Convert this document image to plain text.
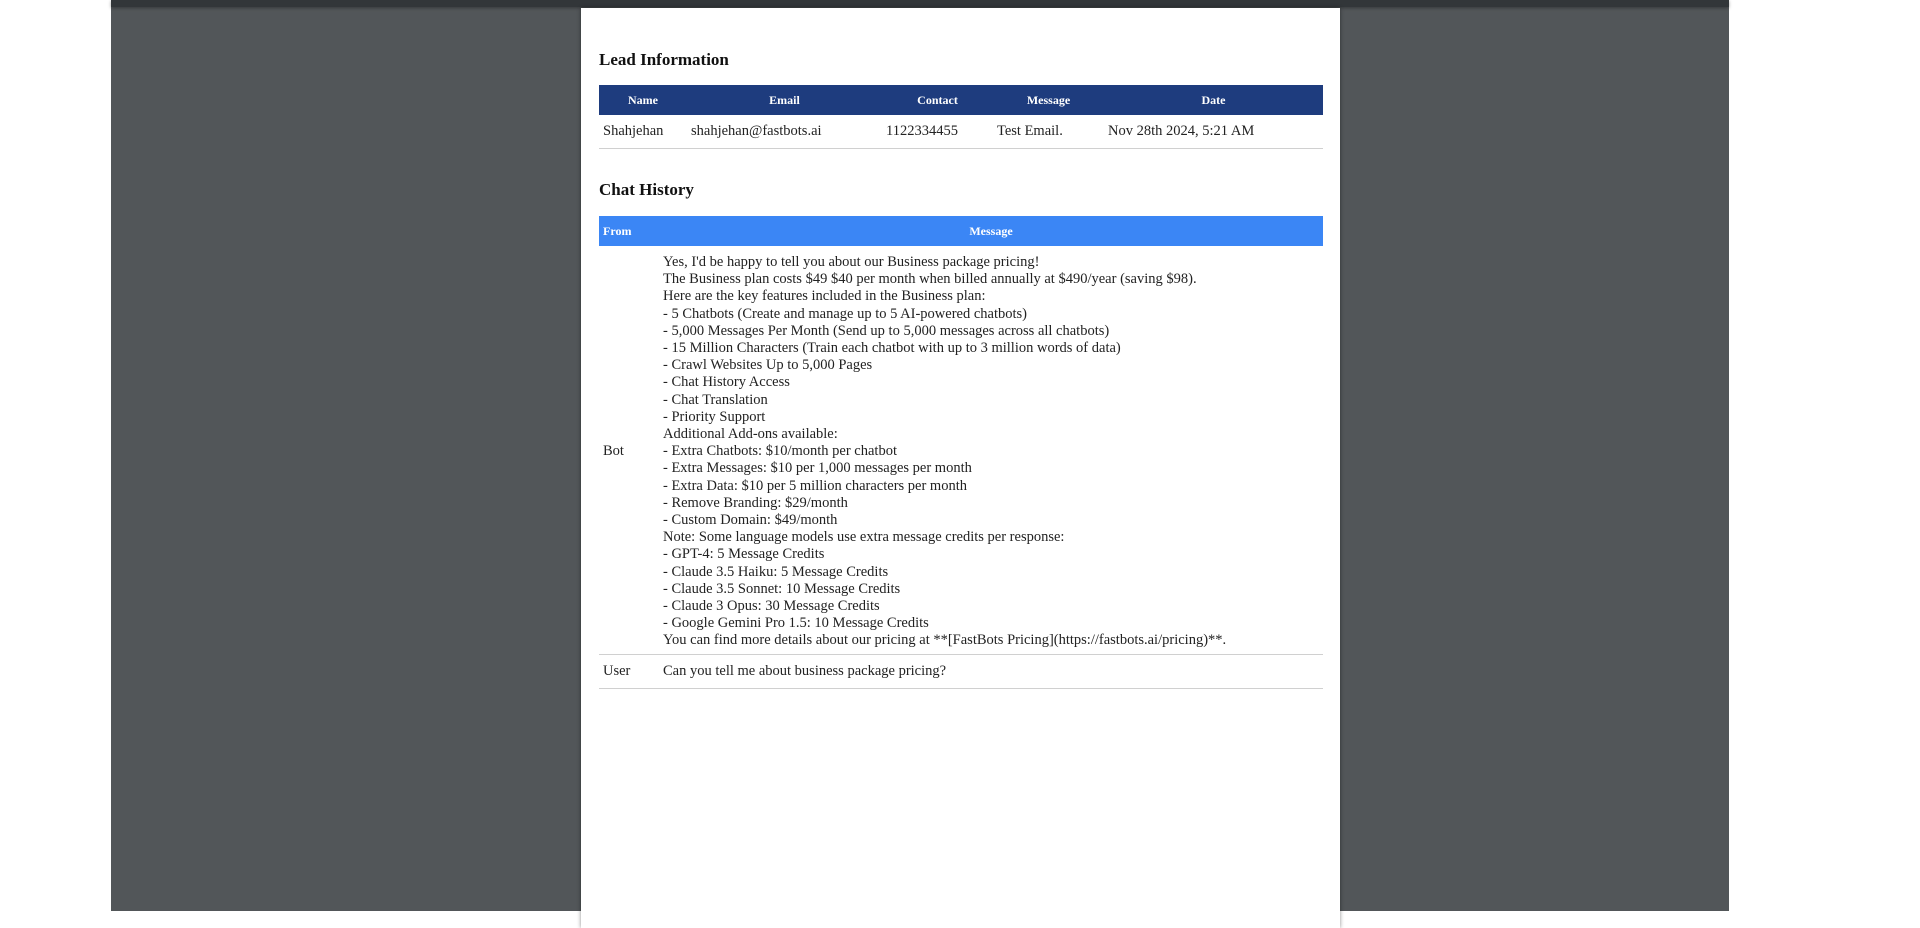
Lead Information
Name	Email	Contact	Message	Date
Shahjehan	shahjehan@fastbots.ai	1122334455	Test Email.	Nov 28th 2024, 5:21 AM
Chat History
From	Message
Bot	
Yes, I'd be happy to tell you about our Business package pricing!
The Business plan costs $49 $40 per month when billed annually at $490/year (saving $98).
Here are the key features included in the Business plan:
- 5 Chatbots (Create and manage up to 5 AI-powered chatbots)
- 5,000 Messages Per Month (Send up to 5,000 messages across all chatbots)
- 15 Million Characters (Train each chatbot with up to 3 million words of data)
- Crawl Websites Up to 5,000 Pages
- Chat History Access
- Chat Translation
- Priority Support
Additional Add-ons available:
- Extra Chatbots: $10/month per chatbot
- Extra Messages: $10 per 1,000 messages per month
- Extra Data: $10 per 5 million characters per month
- Remove Branding: $29/month
- Custom Domain: $49/month
Note: Some language models use extra message credits per response:
- GPT-4: 5 Message Credits
- Claude 3.5 Haiku: 5 Message Credits
- Claude 3.5 Sonnet: 10 Message Credits
- Claude 3 Opus: 30 Message Credits
- Google Gemini Pro 1.5: 10 Message Credits
You can find more details about our pricing at **[FastBots Pricing](https://fastbots.ai/pricing)**.

User	Can you tell me about business package pricing?
